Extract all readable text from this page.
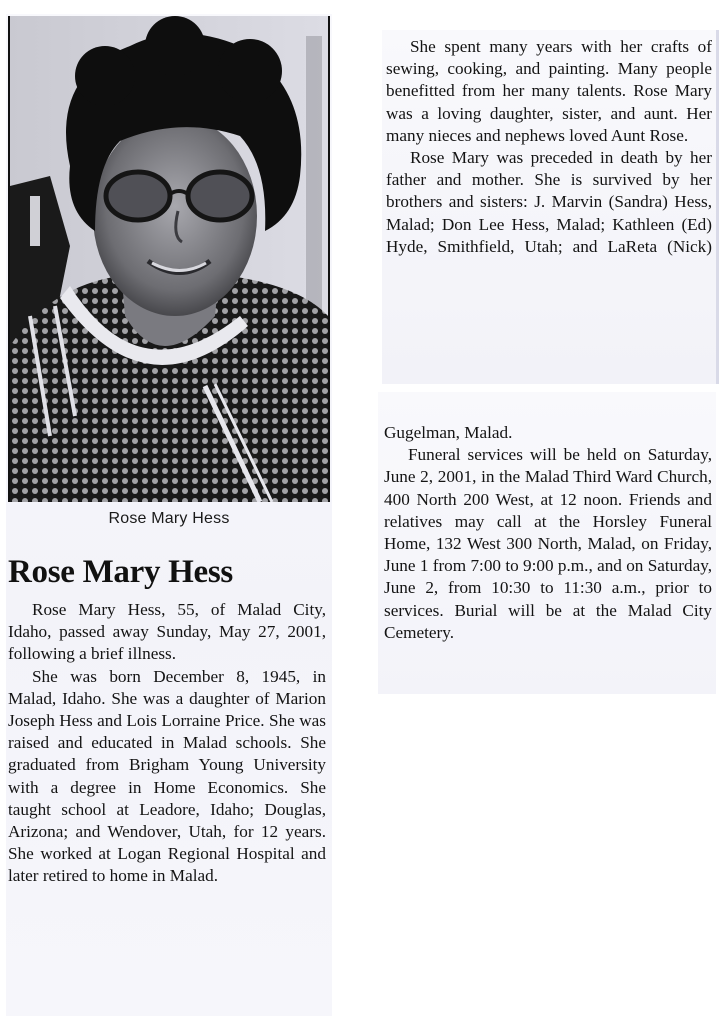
Rose Mary Hess
Rose Mary Hess

Rose Mary Hess, 55, of Malad City, Idaho, passed away Sunday, May 27, 2001, following a brief illness.

She was born December 8, 1945, in Malad, Idaho. She was a daughter of Marion Joseph Hess and Lois Lorraine Price. She was raised and educated in Malad schools. She graduated from Brigham Young University with a degree in Home Economics. She taught school at Leadore, Idaho; Douglas, Arizona; and Wendover, Utah, for 12 years. She worked at Logan Regional Hospital and later retired to home in Malad.

She spent many years with her crafts of sewing, cooking, and painting. Many people benefitted from her many talents. Rose Mary was a loving daughter, sister, and aunt. Her many nieces and nephews loved Aunt Rose.

Rose Mary was preceded in death by her father and mother. She is survived by her brothers and sisters: J. Marvin (Sandra) Hess, Malad; Don Lee Hess, Malad; Kathleen (Ed) Hyde, Smithfield, Utah; and LaReta (Nick)

Gugelman, Malad.

Funeral services will be held on Saturday, June 2, 2001, in the Malad Third Ward Church, 400 North 200 West, at 12 noon. Friends and relatives may call at the Horsley Funeral Home, 132 West 300 North, Malad, on Friday, June 1 from 7:00 to 9:00 p.m., and on Saturday, June 2, from 10:30 to 11:30 a.m., prior to services. Burial will be at the Malad City Cemetery.
